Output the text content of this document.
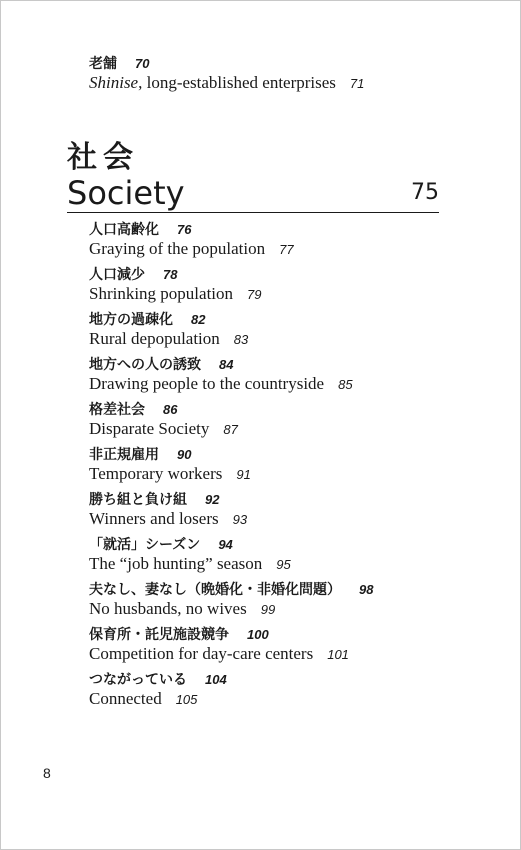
老舗 70
Shinise, long-established enterprises 71
社会
Society	75
人口高齢化 76
Graying of the population 77
人口減少 78
Shrinking population 79
地方の過疎化 82
Rural depopulation 83
地方への人の誘致 84
Drawing people to the countryside 85
格差社会 86
Disparate Society 87
非正規雇用 90
Temporary workers 91
勝ち組と負け組 92
Winners and losers 93
「就活」シーズン 94
The “job hunting” season 95
夫なし、妻なし（晩婚化・非婚化問題） 98
No husbands, no wives 99
保育所・託児施設競争 100
Competition for day-care centers 101
つながっている 104
Connected 105
8
